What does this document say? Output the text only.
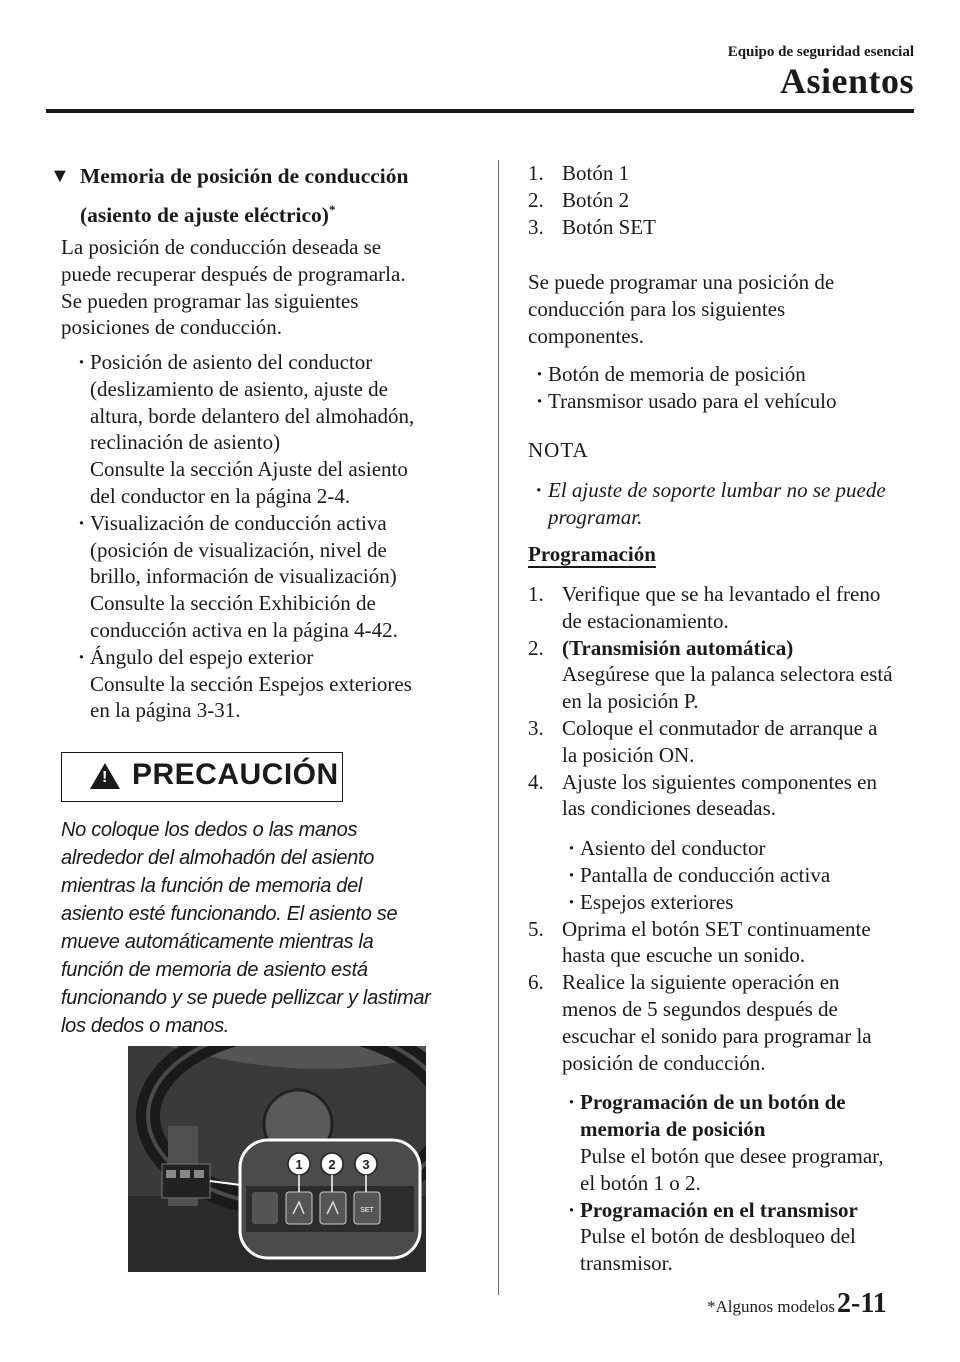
Equipo de seguridad esencial
Asientos
▼ Memoria de posición de conducción
(asiento de ajuste eléctrico)*
La posición de conducción deseada se
puede recuperar después de programarla.
Se pueden programar las siguientes
posiciones de conducción.
· Posición de asiento del conductor
(deslizamiento de asiento, ajuste de
altura, borde delantero del almohadón,
reclinación de asiento)
Consulte la sección Ajuste del asiento
del conductor en la página 2-4.
· Visualización de conducción activa
(posición de visualización, nivel de
brillo, información de visualización)
Consulte la sección Exhibición de
conducción activa en la página 4-42.
· Ángulo del espejo exterior
Consulte la sección Espejos exteriores
en la página 3-31.
! PRECAUCIÓN
No coloque los dedos o las manos
alrededor del almohadón del asiento
mientras la función de memoria del
asiento esté funcionando. El asiento se
mueve automáticamente mientras la
función de memoria de asiento está
funcionando y se puede pellizcar y lastimar
los dedos o manos.
SET
1 2 3
1. Botón 1
2. Botón 2
3. Botón SET
Se puede programar una posición de
conducción para los siguientes
componentes.
· Botón de memoria de posición
· Transmisor usado para el vehículo
NOTA
· El ajuste de soporte lumbar no se puede
programar.
Programación
1. Verifique que se ha levantado el freno
de estacionamiento.
2. (Transmisión automática)
Asegúrese que la palanca selectora está
en la posición P.
3. Coloque el conmutador de arranque a
la posición ON.
4. Ajuste los siguientes componentes en
las condiciones deseadas.
· Asiento del conductor
· Pantalla de conducción activa
· Espejos exteriores
5. Oprima el botón SET continuamente
hasta que escuche un sonido.
6. Realice la siguiente operación en
menos de 5 segundos después de
escuchar el sonido para programar la
posición de conducción.
· Programación de un botón de
memoria de posición
Pulse el botón que desee programar,
el botón 1 o 2.
· Programación en el transmisor
Pulse el botón de desbloqueo del
transmisor.
*Algunos modelos 2-11
